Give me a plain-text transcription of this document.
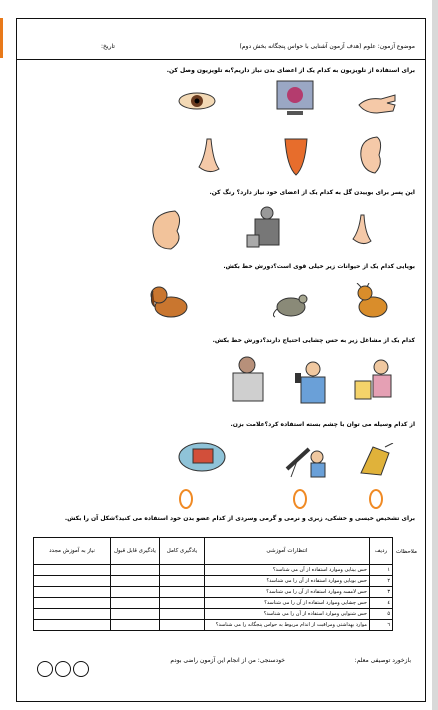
موضوع آزمون: علوم (هدف آزمون آشنایی با حواس پنجگانه بخش دوم)
تاریخ:
برای استفاده از تلویزیون به کدام یک از اعضای بدن نیاز داریم؟به تلویزیون وصل کن.
این پسر برای بوییدن گل به کدام یک از اعضای خود نیاز دارد؟ رنگ کن.
بویایی کدام یک از حیوانات زیر خیلی قوی است؟دورش خط بکش.
کدام یک از مشاغل زیر به حس چشایی احتیاج دارند؟دورش خط بکش.
از کدام وسیله می توان با چشم بسته استفاده کرد؟علامت بزن.
برای تشخیص خیسی و خشکی، زبری و نرمی و گرمی وسردی از کدام عضو بدن خود استفاده می کنید؟شکل آن را بکش.
ملاحظات
ردیف	انتظارات آموزشی	یادگیری کامل	یادگیری قابل قبول	نیاز به آموزش مجدد
۱	حس بینایی وموارد استفاده از آن می شناسد؟			
۲	حس بویایی وموارد استفاده از آن را می شناسد؟			
۳	حس لامسه وموارد استفاده از آن را می شناسد؟			
٤	حس چشایی وموارد استفاده از آن را می شناسد؟			
۵	حس شنوایی وموارد استفاده از آن را می شناسد؟			
٦	موارد بهداشتی ومراقبت از اندام مربوط به حواس پنجگانه را می شناسد؟			
بازخورد توصیفی معلم:
خودسنجی: من از انجام این آزمون راضی بودم
